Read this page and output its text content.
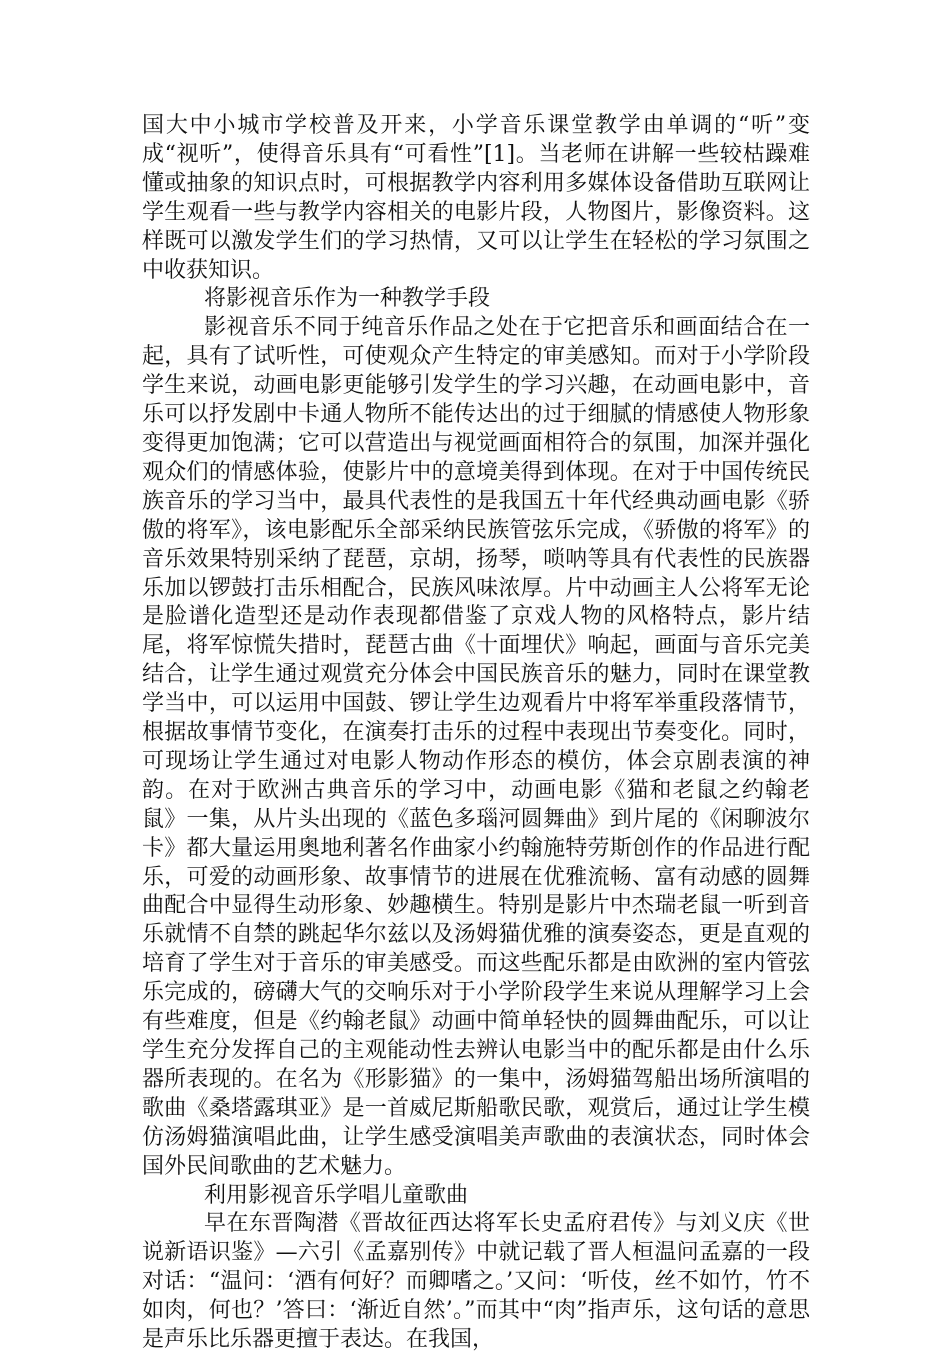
国大中小城市学校普及开来，小学音乐课堂教学由单调的“听”变成“视听”，使得音乐具有“可看性”[1]。当老师在讲解一些较枯躁难懂或抽象的知识点时，可根据教学内容利用多媒体设备借助互联网让学生观看一些与教学内容相关的电影片段，人物图片，影像资料。这样既可以激发学生们的学习热情，又可以让学生在轻松的学习氛围之中收获知识。

将影视音乐作为一种教学手段

影视音乐不同于纯音乐作品之处在于它把音乐和画面结合在一起，具有了试听性，可使观众产生特定的审美感知。而对于小学阶段学生来说，动画电影更能够引发学生的学习兴趣，在动画电影中，音乐可以抒发剧中卡通人物所不能传达出的过于细腻的情感使人物形象变得更加饱满；它可以营造出与视觉画面相符合的氛围，加深并强化观众们的情感体验，使影片中的意境美得到体现。在对于中国传统民族音乐的学习当中，最具代表性的是我国五十年代经典动画电影《骄傲的将军》，该电影配乐全部采纳民族管弦乐完成，《骄傲的将军》的音乐效果特别采纳了琵琶，京胡，扬琴，唢呐等具有代表性的民族器乐加以锣鼓打击乐相配合，民族风味浓厚。片中动画主人公将军无论是脸谱化造型还是动作表现都借鉴了京戏人物的风格特点，影片结尾，将军惊慌失措时，琵琶古曲《十面埋伏》响起，画面与音乐完美结合，让学生通过观赏充分体会中国民族音乐的魅力，同时在课堂教学当中，可以运用中国鼓、锣让学生边观看片中将军举重段落情节，根据故事情节变化，在演奏打击乐的过程中表现出节奏变化。同时，可现场让学生通过对电影人物动作形态的模仿，体会京剧表演的神韵。在对于欧洲古典音乐的学习中，动画电影《猫和老鼠之约翰老鼠》一集，从片头出现的《蓝色多瑙河圆舞曲》到片尾的《闲聊波尔卡》都大量运用奥地利著名作曲家小约翰施特劳斯创作的作品进行配乐，可爱的动画形象、故事情节的进展在优雅流畅、富有动感的圆舞曲配合中显得生动形象、妙趣横生。特别是影片中杰瑞老鼠一听到音乐就情不自禁的跳起华尔兹以及汤姆猫优雅的演奏姿态，更是直观的培育了学生对于音乐的审美感受。而这些配乐都是由欧洲的室内管弦乐完成的，磅礴大气的交响乐对于小学阶段学生来说从理解学习上会有些难度，但是《约翰老鼠》动画中简单轻快的圆舞曲配乐，可以让学生充分发挥自己的主观能动性去辨认电影当中的配乐都是由什么乐器所表现的。在名为《形影猫》的一集中，汤姆猫驾船出场所演唱的歌曲《桑塔露琪亚》是一首威尼斯船歌民歌，观赏后，通过让学生模仿汤姆猫演唱此曲，让学生感受演唱美声歌曲的表演状态，同时体会国外民间歌曲的艺术魅力。

利用影视音乐学唱儿童歌曲

早在东晋陶潜《晋故征西达将军长史孟府君传》与刘义庆《世说新语识鉴》—六引《孟嘉别传》中就记载了晋人桓温问孟嘉的一段对话：“温问：‘酒有何好？而卿嗜之。’又问：‘听伎，丝不如竹，竹不如肉，何也？’答曰：‘渐近自然’。”而其中“肉”指声乐，这句话的意思是声乐比乐器更擅于表达。在我国，
